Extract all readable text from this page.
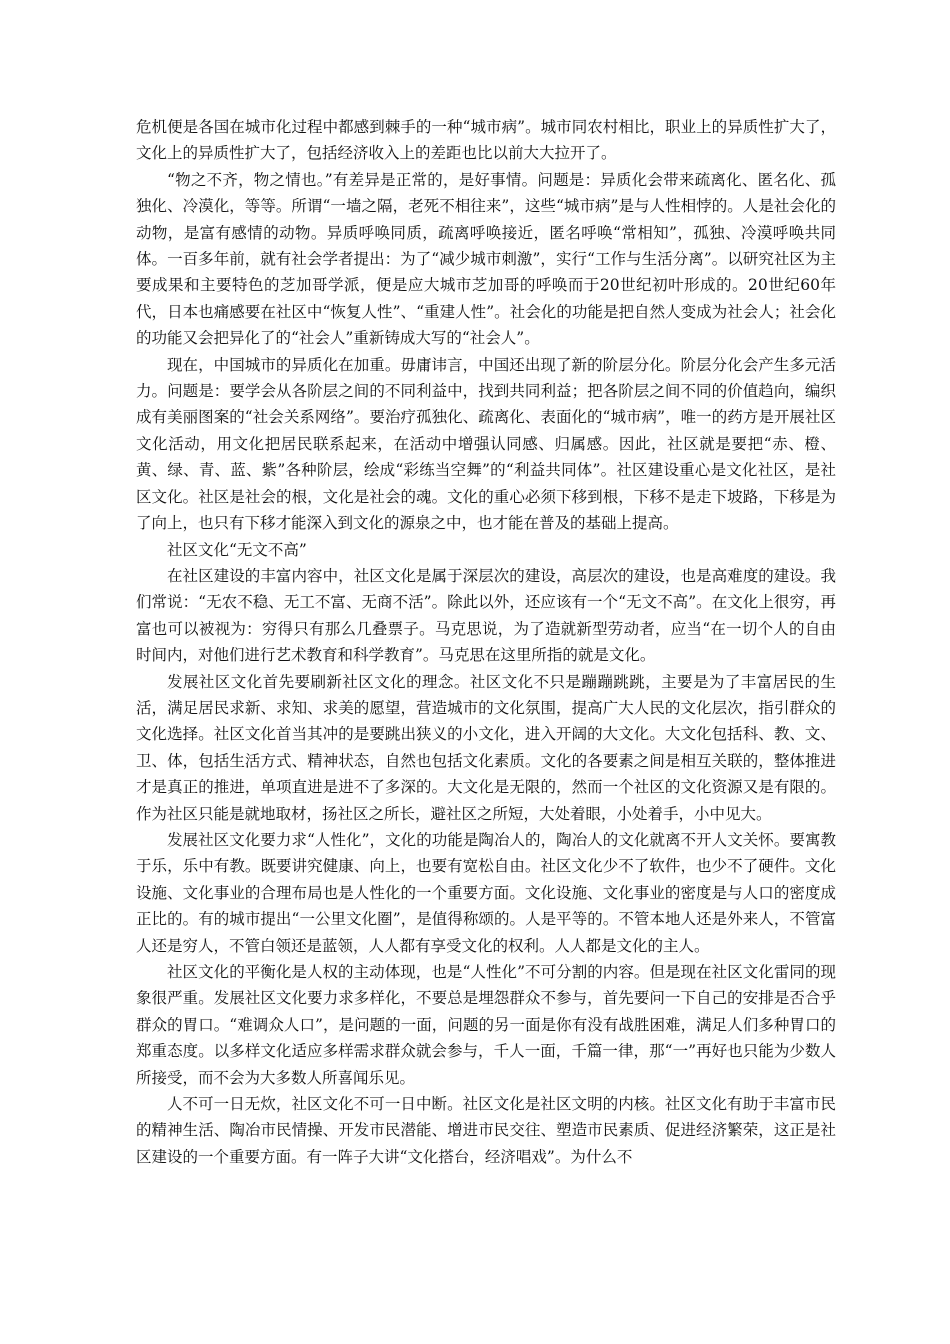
危机便是各国在城市化过程中都感到棘手的一种“城市病”。城市同农村相比，职业上的异质性扩大了，文化上的异质性扩大了，包括经济收入上的差距也比以前大大拉开了。

“物之不齐，物之情也。”有差异是正常的，是好事情。问题是：异质化会带来疏离化、匿名化、孤独化、冷漠化，等等。所谓“一墙之隔，老死不相往来”，这些“城市病”是与人性相悖的。人是社会化的动物，是富有感情的动物。异质呼唤同质，疏离呼唤接近，匿名呼唤“常相知”，孤独、冷漠呼唤共同体。一百多年前，就有社会学者提出：为了“减少城市刺激”，实行“工作与生活分离”。以研究社区为主要成果和主要特色的芝加哥学派，便是应大城市芝加哥的呼唤而于20世纪初叶形成的。20世纪60年代，日本也痛感要在社区中“恢复人性”、“重建人性”。社会化的功能是把自然人变成为社会人；社会化的功能又会把异化了的“社会人”重新铸成大写的“社会人”。

现在，中国城市的异质化在加重。毋庸讳言，中国还出现了新的阶层分化。阶层分化会产生多元活力。问题是：要学会从各阶层之间的不同利益中，找到共同利益；把各阶层之间不同的价值趋向，编织成有美丽图案的“社会关系网络”。要治疗孤独化、疏离化、表面化的“城市病”，唯一的药方是开展社区文化活动，用文化把居民联系起来，在活动中增强认同感、归属感。因此，社区就是要把“赤、橙、黄、绿、青、蓝、紫”各种阶层，绘成“彩练当空舞”的“利益共同体”。社区建设重心是文化社区，是社区文化。社区是社会的根，文化是社会的魂。文化的重心必须下移到根，下移不是走下坡路，下移是为了向上，也只有下移才能深入到文化的源泉之中，也才能在普及的基础上提高。

社区文化“无文不高”

在社区建设的丰富内容中，社区文化是属于深层次的建设，高层次的建设，也是高难度的建设。我们常说：“无农不稳、无工不富、无商不活”。除此以外，还应该有一个“无文不高”。在文化上很穷，再富也可以被视为：穷得只有那么几叠票子。马克思说，为了造就新型劳动者，应当“在一切个人的自由时间内，对他们进行艺术教育和科学教育”。马克思在这里所指的就是文化。

发展社区文化首先要刷新社区文化的理念。社区文化不只是蹦蹦跳跳，主要是为了丰富居民的生活，满足居民求新、求知、求美的愿望，营造城市的文化氛围，提高广大人民的文化层次，指引群众的文化选择。社区文化首当其冲的是要跳出狭义的小文化，进入开阔的大文化。大文化包括科、教、文、卫、体，包括生活方式、精神状态，自然也包括文化素质。文化的各要素之间是相互关联的，整体推进才是真正的推进，单项直进是进不了多深的。大文化是无限的，然而一个社区的文化资源又是有限的。作为社区只能是就地取材，扬社区之所长，避社区之所短，大处着眼，小处着手，小中见大。

发展社区文化要力求“人性化”，文化的功能是陶冶人的，陶冶人的文化就离不开人文关怀。要寓教于乐，乐中有教。既要讲究健康、向上，也要有宽松自由。社区文化少不了软件，也少不了硬件。文化设施、文化事业的合理布局也是人性化的一个重要方面。文化设施、文化事业的密度是与人口的密度成正比的。有的城市提出“一公里文化圈”，是值得称颂的。人是平等的。不管本地人还是外来人，不管富人还是穷人，不管白领还是蓝领，人人都有享受文化的权利。人人都是文化的主人。

社区文化的平衡化是人权的主动体现，也是“人性化”不可分割的内容。但是现在社区文化雷同的现象很严重。发展社区文化要力求多样化，不要总是埋怨群众不参与，首先要问一下自己的安排是否合乎群众的胃口。“难调众人口”，是问题的一面，问题的另一面是你有没有战胜困难，满足人们多种胃口的郑重态度。以多样文化适应多样需求群众就会参与，千人一面，千篇一律，那“一”再好也只能为少数人所接受，而不会为大多数人所喜闻乐见。

人不可一日无炊，社区文化不可一日中断。社区文化是社区文明的内核。社区文化有助于丰富市民的精神生活、陶冶市民情操、开发市民潜能、增进市民交往、塑造市民素质、促进经济繁荣，这正是社区建设的一个重要方面。有一阵子大讲“文化搭台，经济唱戏”。为什么不
